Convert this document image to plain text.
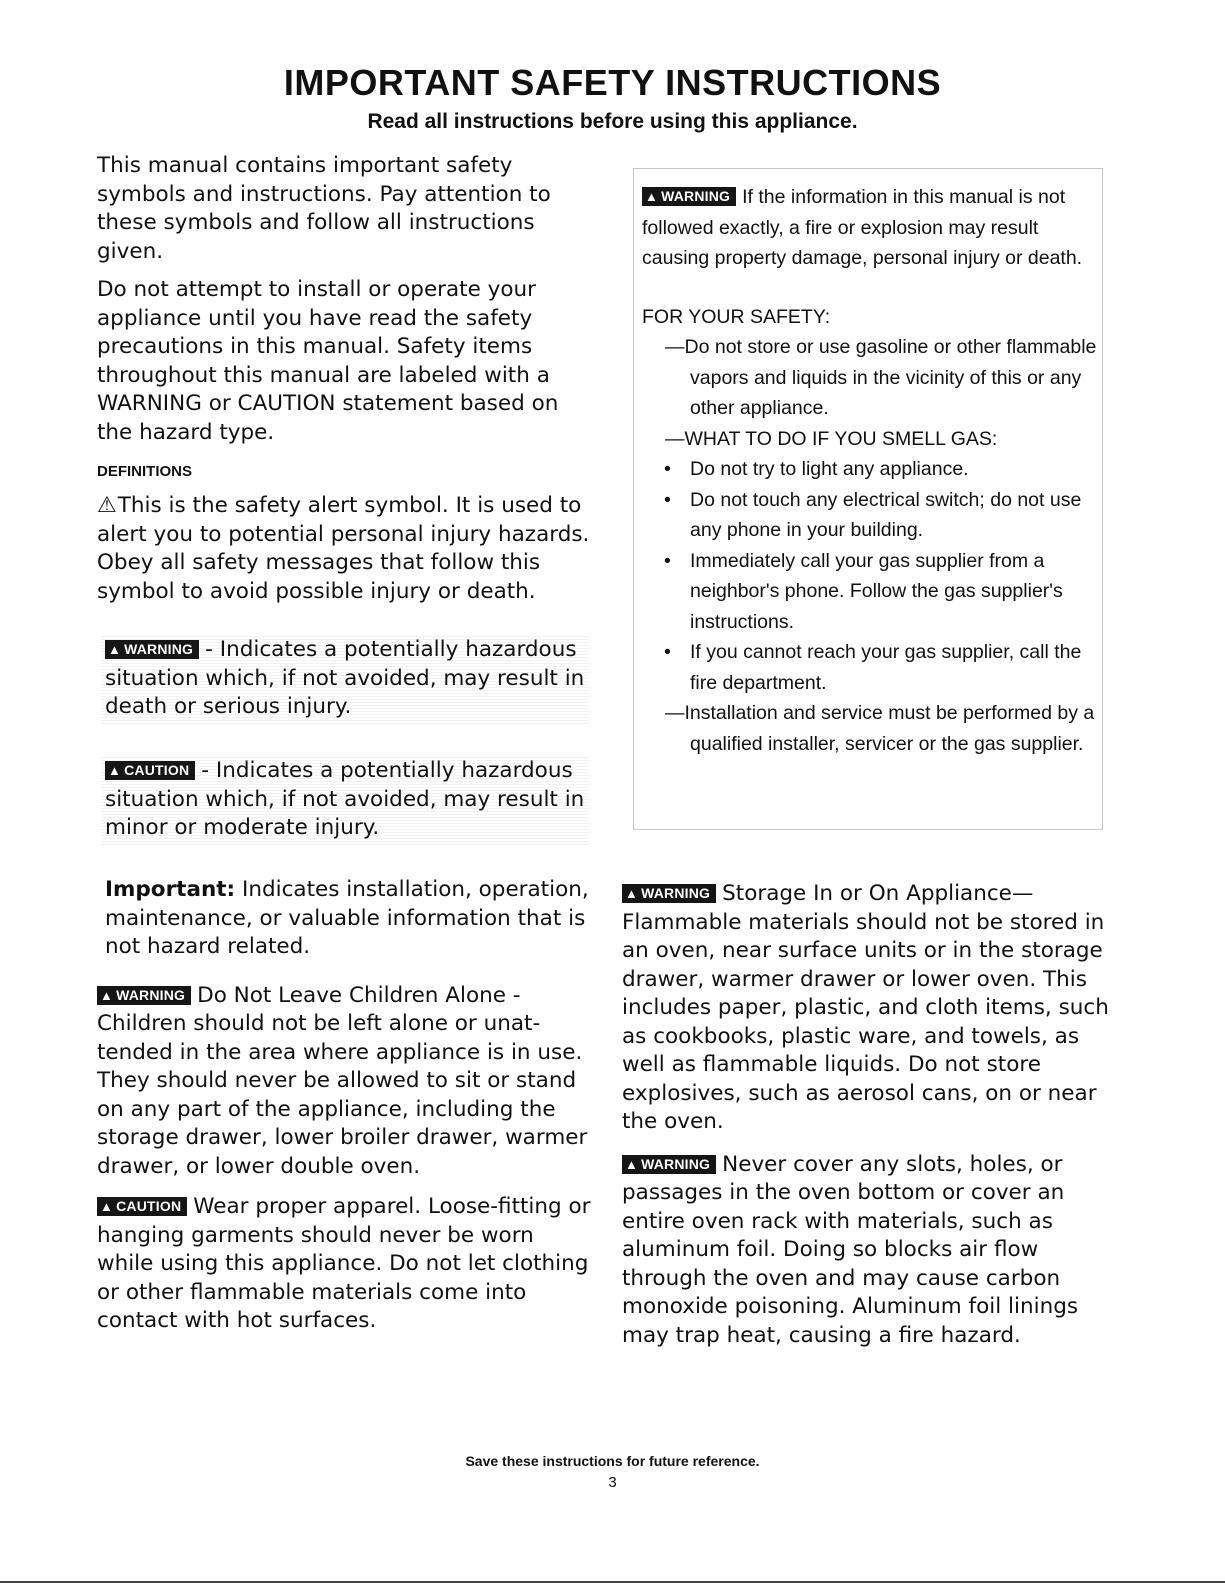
IMPORTANT SAFETY INSTRUCTIONS

Read all instructions before using this appliance.

This manual contains important safety symbols and instructions. Pay attention to these symbols and follow all instructions given.

Do not attempt to install or operate your appliance until you have read the safety precautions in this manual. Safety items throughout this manual are labeled with a WARNING or CAUTION statement based on the hazard type.

DEFINITIONS

⚠This is the safety alert symbol. It is used to alert you to potential personal injury hazards. Obey all safety messages that follow this symbol to avoid possible injury or death.

▲ WARNING - Indicates a potentially hazardous situation which, if not avoided, may result in death or serious injury.

▲ CAUTION - Indicates a potentially hazardous situation which, if not avoided, may result in minor or moderate injury.

Important: Indicates installation, operation, maintenance, or valuable information that is not hazard related.

▲ WARNING Do Not Leave Children Alone - Children should not be left alone or unat-tended in the area where appliance is in use. They should never be allowed to sit or stand on any part of the appliance, including the storage drawer, lower broiler drawer, warmer drawer, or lower double oven.

▲ CAUTION Wear proper apparel. Loose-fitting or hanging garments should never be worn while using this appliance. Do not let clothing or other flammable materials come into contact with hot surfaces.

▲ WARNING If the information in this manual is not followed exactly, a fire or explosion may result causing property damage, personal injury or death.

FOR YOUR SAFETY:

—Do not store or use gasoline or other flammable vapors and liquids in the vicinity of this or any other appliance.
—WHAT TO DO IF YOU SMELL GAS:
• Do not try to light any appliance.
• Do not touch any electrical switch; do not use any phone in your building.
• Immediately call your gas supplier from a neighbor's phone. Follow the gas supplier's instructions.
• If you cannot reach your gas supplier, call the fire department.
—Installation and service must be performed by a qualified installer, servicer or the gas supplier.

▲ WARNING Storage In or On Appliance— Flammable materials should not be stored in an oven, near surface units or in the storage drawer, warmer drawer or lower oven. This includes paper, plastic, and cloth items, such as cookbooks, plastic ware, and towels, as well as flammable liquids. Do not store explosives, such as aerosol cans, on or near the oven.

▲ WARNING Never cover any slots, holes, or passages in the oven bottom or cover an entire oven rack with materials, such as aluminum foil. Doing so blocks air flow through the oven and may cause carbon monoxide poisoning. Aluminum foil linings may trap heat, causing a fire hazard.

Save these instructions for future reference.

3
